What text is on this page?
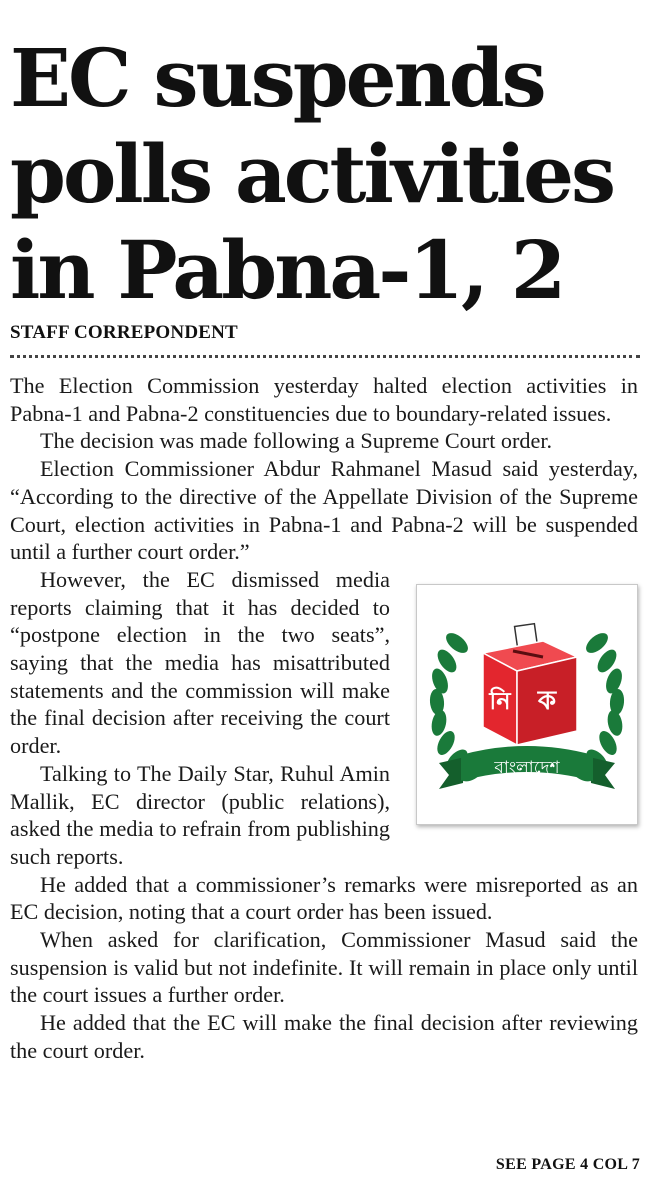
EC suspends
polls activities
in Pabna-1, 2
STAFF CORREPONDENT

The Election Commission yesterday halted election activities in Pabna-1 and Pabna-2 constituencies due to boundary-related issues.

The decision was made following a Supreme Court order.

Election Commissioner Abdur Rahmanel Masud said yesterday, “According to the directive of the Appellate Division of the Supreme Court, election activities in Pabna-1 and Pabna-2 will be suspended until a further court order.”

নি ক
বাংলাদেশ

However, the EC dismissed media reports claiming that it has decided to “postpone election in the two seats”, saying that the media has misattributed statements and the commission will make the final decision after receiving the court order.

Talking to The Daily Star, Ruhul Amin Mallik, EC director (public relations), asked the media to refrain from publishing such reports.

He added that a commissioner’s remarks were misreported as an EC decision, noting that a court order has been issued.

When asked for clarification, Commissioner Masud said the suspension is valid but not indefinite. It will remain in place only until the court issues a further order.

He added that the EC will make the final decision after reviewing the court order.

SEE PAGE 4 COL 7
